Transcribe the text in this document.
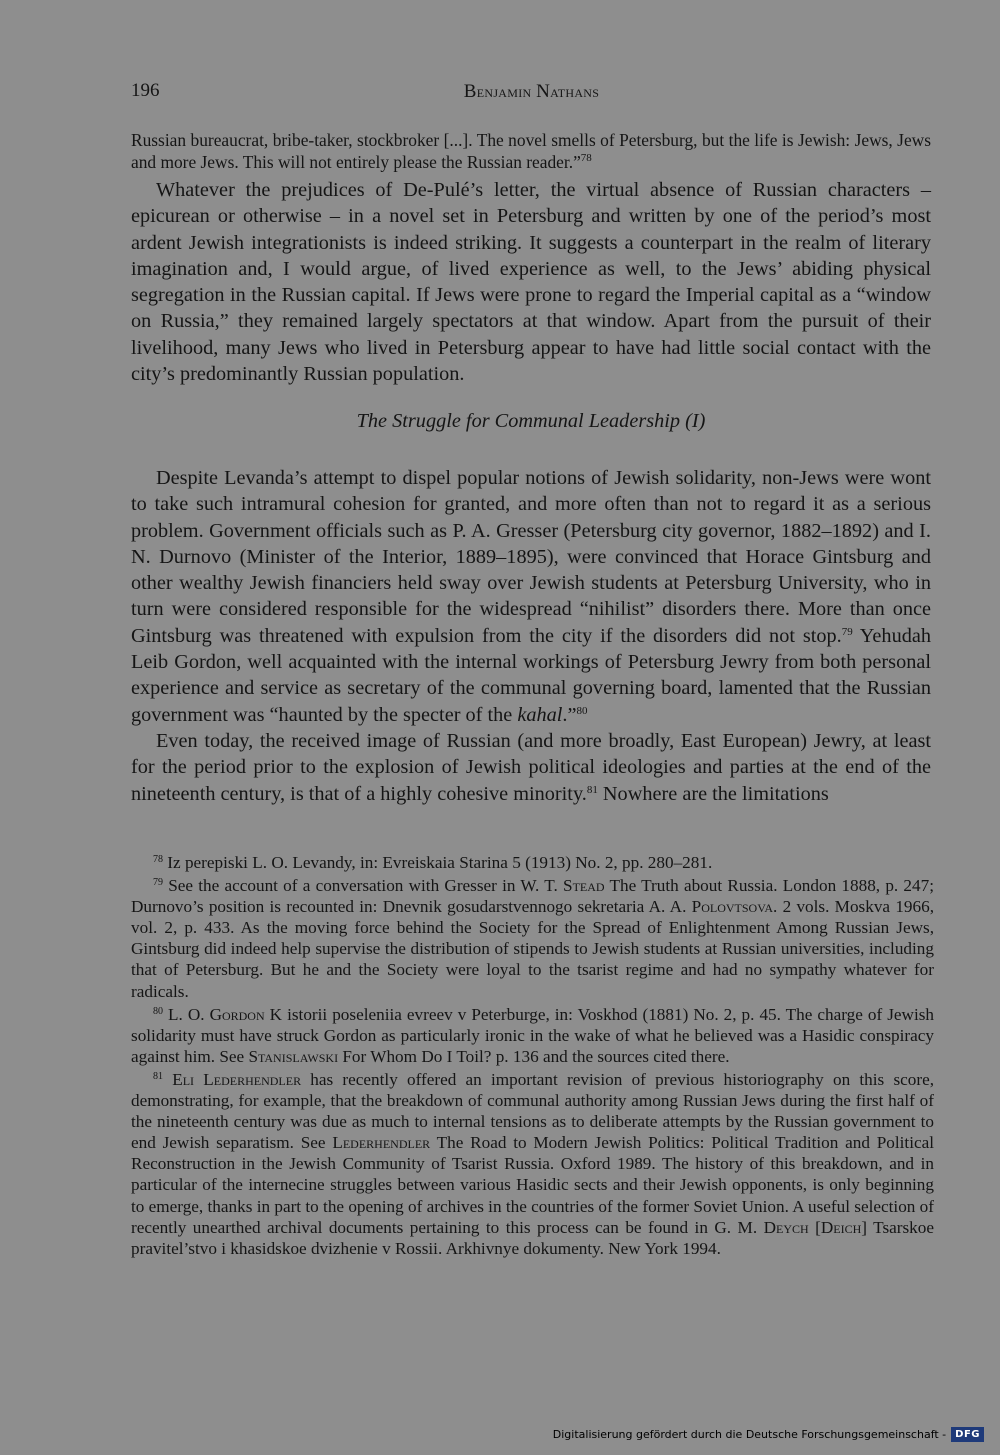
196	Benjamin Nathans

Russian bureaucrat, bribe-taker, stockbroker [...]. The novel smells of Petersburg, but the life is Jewish: Jews, Jews and more Jews. This will not entirely please the Russian reader.”$^{78}$

Whatever the prejudices of De-Pulé’s letter, the virtual absence of Russian characters – epicurean or otherwise – in a novel set in Petersburg and written by one of the period’s most ardent Jewish integrationists is indeed striking. It suggests a counterpart in the realm of literary imagination and, I would argue, of lived experience as well, to the Jews’ abiding physical segregation in the Russian capital. If Jews were prone to regard the Imperial capital as a “window on Russia,” they remained largely spectators at that window. Apart from the pursuit of their livelihood, many Jews who lived in Petersburg appear to have had little social contact with the city’s predominantly Russian population.

The Struggle for Communal Leadership (I)

Despite Levanda’s attempt to dispel popular notions of Jewish solidarity, non-Jews were wont to take such intramural cohesion for granted, and more often than not to regard it as a serious problem. Government officials such as P. A. Gresser (Petersburg city governor, 1882–1892) and I. N. Durnovo (Minister of the Interior, 1889–1895), were convinced that Horace Gintsburg and other wealthy Jewish financiers held sway over Jewish students at Petersburg University, who in turn were considered responsible for the widespread “nihilist” disorders there. More than once Gintsburg was threatened with expulsion from the city if the disorders did not stop.$^{79}$ Yehudah Leib Gordon, well acquainted with the internal workings of Petersburg Jewry from both personal experience and service as secretary of the communal governing board, lamented that the Russian government was “haunted by the specter of the kahal.”$^{80}$

Even today, the received image of Russian (and more broadly, East European) Jewry, at least for the period prior to the explosion of Jewish political ideologies and parties at the end of the nineteenth century, is that of a highly cohesive minority.$^{81}$ Nowhere are the limitations

$^{78}$ Iz perepiski L. O. Levandy, in: Evreiskaia Starina 5 (1913) No. 2, pp. 280–281.

$^{79}$ See the account of a conversation with Gresser in W. T. Stead The Truth about Russia. London 1888, p. 247; Durnovo’s position is recounted in: Dnevnik gosudarstvennogo sekretaria A. A. Polovtsova. 2 vols. Moskva 1966, vol. 2, p. 433. As the moving force behind the Society for the Spread of Enlightenment Among Russian Jews, Gintsburg did indeed help supervise the distribution of stipends to Jewish students at Russian universities, including that of Petersburg. But he and the Society were loyal to the tsarist regime and had no sympathy whatever for radicals.

$^{80}$ L. O. Gordon K istorii poseleniia evreev v Peterburge, in: Voskhod (1881) No. 2, p. 45. The charge of Jewish solidarity must have struck Gordon as particularly ironic in the wake of what he believed was a Hasidic conspiracy against him. See Stanislawski For Whom Do I Toil? p. 136 and the sources cited there.

$^{81}$ Eli Lederhendler has recently offered an important revision of previous historiography on this score, demonstrating, for example, that the breakdown of communal authority among Russian Jews during the first half of the nineteenth century was due as much to internal tensions as to deliberate attempts by the Russian government to end Jewish separatism. See Lederhendler The Road to Modern Jewish Politics: Political Tradition and Political Reconstruction in the Jewish Community of Tsarist Russia. Oxford 1989. The history of this breakdown, and in particular of the internecine struggles between various Hasidic sects and their Jewish opponents, is only beginning to emerge, thanks in part to the opening of archives in the countries of the former Soviet Union. A useful selection of recently unearthed archival documents pertaining to this process can be found in G. M. Deych [Deich] Tsarskoe pravitel’stvo i khasidskoe dvizhenie v Rossii. Arkhivnye dokumenty. New York 1994.

Digitalisierung gefördert durch die Deutsche Forschungsgemeinschaft - DFG
